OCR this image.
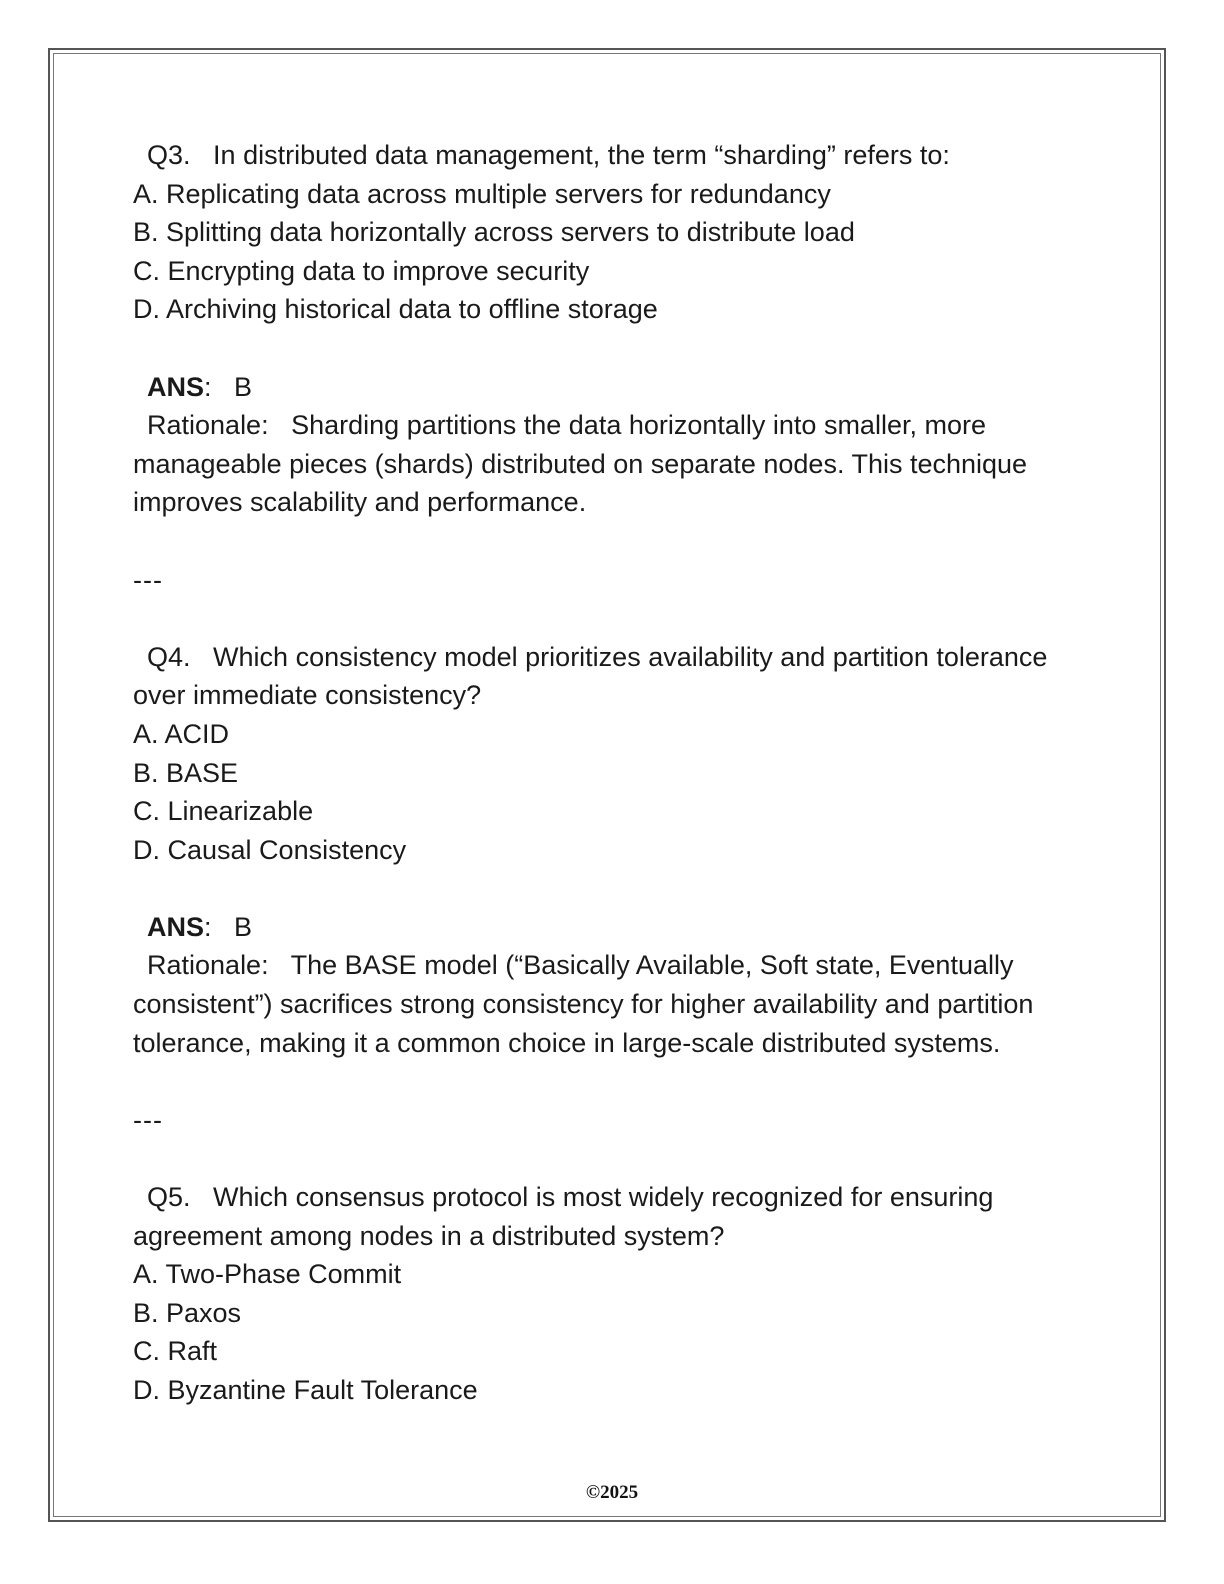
Q3. In distributed data management, the term “sharding” refers to:

A. Replicating data across multiple servers for redundancy

B. Splitting data horizontally across servers to distribute load

C. Encrypting data to improve security

D. Archiving historical data to offline storage

ANS:   B

Rationale: Sharding partitions the data horizontally into smaller, more manageable pieces (shards) distributed on separate nodes. This technique improves scalability and performance.

---

Q4. Which consistency model prioritizes availability and partition tolerance over immediate consistency?

A. ACID

B. BASE

C. Linearizable

D. Causal Consistency

ANS:   B

Rationale: The BASE model (“Basically Available, Soft state, Eventually consistent”) sacrifices strong consistency for higher availability and partition tolerance, making it a common choice in large-scale distributed systems.

---

Q5. Which consensus protocol is most widely recognized for ensuring agreement among nodes in a distributed system?

A. Two-Phase Commit

B. Paxos

C. Raft

D. Byzantine Fault Tolerance

©2025
